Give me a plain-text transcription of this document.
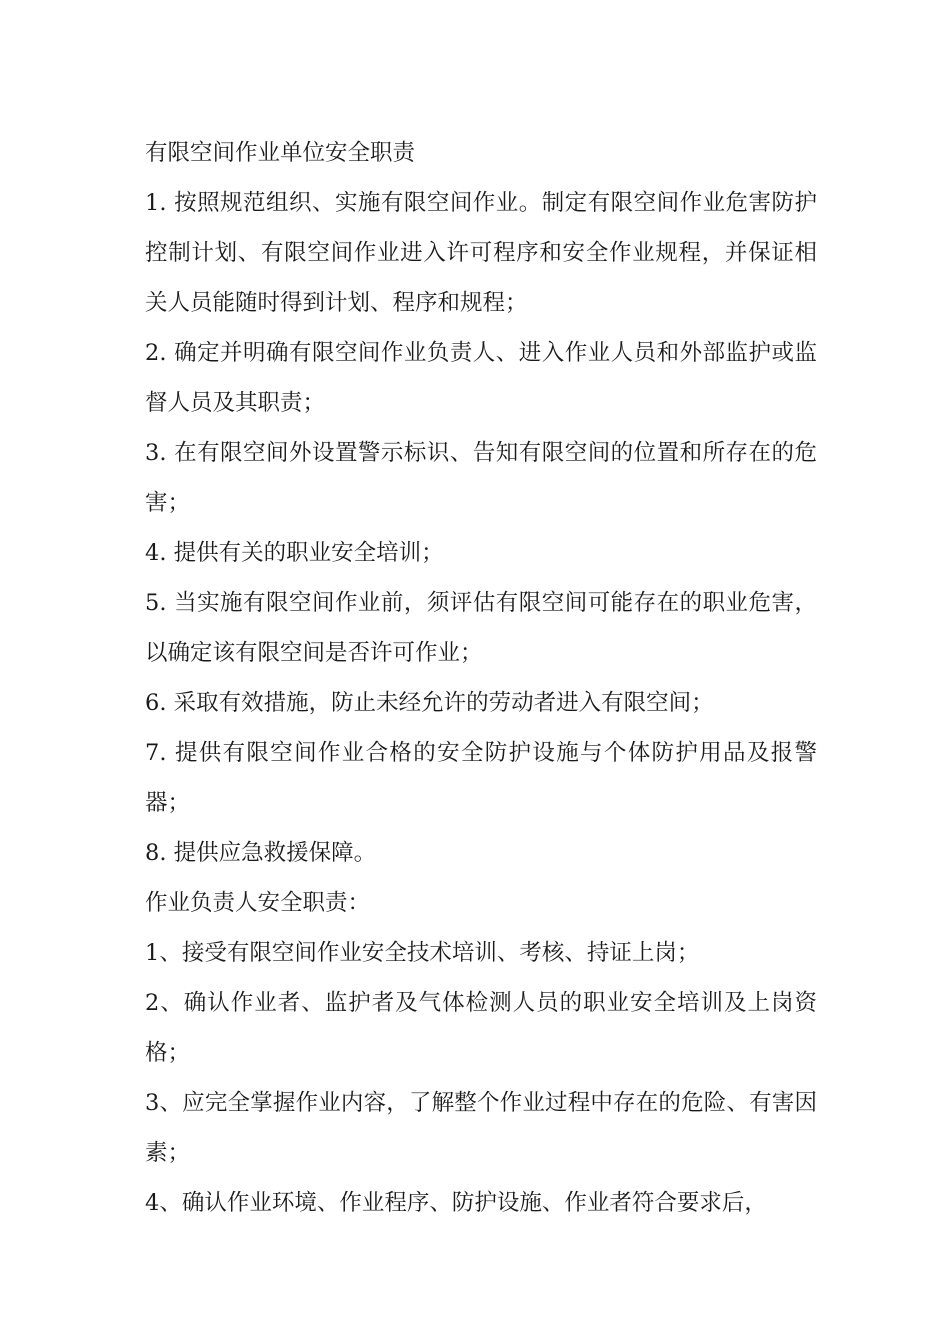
有限空间作业单位安全职责

1. 按照规范组织、实施有限空间作业。制定有限空间作业危害防护控制计划、有限空间作业进入许可程序和安全作业规程，并保证相关人员能随时得到计划、程序和规程；

2. 确定并明确有限空间作业负责人、进入作业人员和外部监护或监督人员及其职责；

3. 在有限空间外设置警示标识、告知有限空间的位置和所存在的危害；

4. 提供有关的职业安全培训；

5. 当实施有限空间作业前，须评估有限空间可能存在的职业危害，以确定该有限空间是否许可作业；

6. 采取有效措施，防止未经允许的劳动者进入有限空间；

7. 提供有限空间作业合格的安全防护设施与个体防护用品及报警器；

8. 提供应急救援保障。

作业负责人安全职责：

1、接受有限空间作业安全技术培训、考核、持证上岗；

2、确认作业者、监护者及气体检测人员的职业安全培训及上岗资格；

3、应完全掌握作业内容，了解整个作业过程中存在的危险、有害因素；

4、确认作业环境、作业程序、防护设施、作业者符合要求后，
